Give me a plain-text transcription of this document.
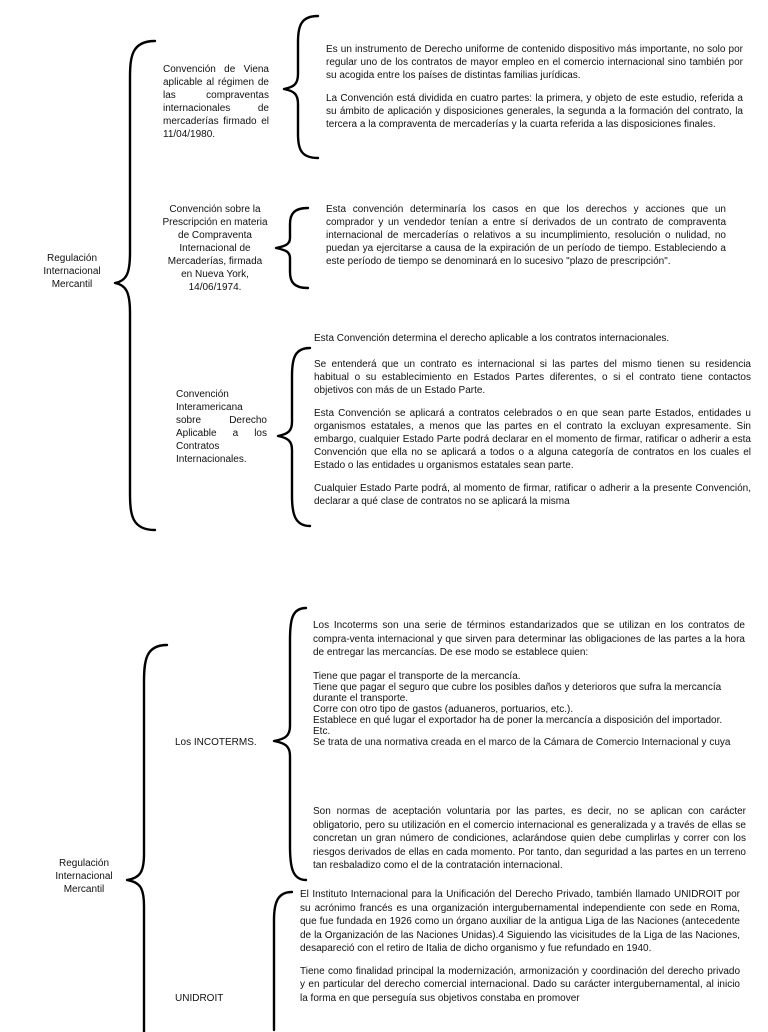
Regulación Internacional Mercantil
Convención de Viena aplicable al régimen de las compraventas internacionales de mercaderías firmado el 11/04/1980.

Es un instrumento de Derecho uniforme de contenido dispositivo más importante, no solo por regular uno de los contratos de mayor empleo en el comercio internacional sino también por su acogida entre los países de distintas familias jurídicas.

La Convención está dividida en cuatro partes: la primera, y objeto de este estudio, referida a su ámbito de aplicación y disposiciones generales, la segunda a la formación del contrato, la tercera a la compraventa de mercaderías y la cuarta referida a las disposiciones finales.

Convención sobre la Prescripción en materia de Compraventa Internacional de Mercaderías, firmada en Nueva York, 14/06/1974.

Esta convención determinaría los casos en que los derechos y acciones que un comprador y un vendedor tenían a entre sí derivados de un contrato de compraventa internacional de mercaderías o relativos a su incumplimiento, resolución o nulidad, no puedan ya ejercitarse a causa de la expiración de un período de tiempo. Estableciendo a este período de tiempo se denominará en lo sucesivo "plazo de prescripción".

Esta Convención determina el derecho aplicable a los contratos internacionales.
Convención Interamericana sobre Derecho Aplicable a los Contratos Internacionales.

Se entenderá que un contrato es internacional si las partes del mismo tienen su residencia habitual o su establecimiento en Estados Partes diferentes, o si el contrato tiene contactos objetivos con más de un Estado Parte.

Esta Convención se aplicará a contratos celebrados o en que sean parte Estados, entidades u organismos estatales, a menos que las partes en el contrato la excluyan expresamente. Sin embargo, cualquier Estado Parte podrá declarar en el momento de firmar, ratificar o adherir a esta Convención que ella no se aplicará a todos o a alguna categoría de contratos en los cuales el Estado o las entidades u organismos estatales sean parte.

Cualquier Estado Parte podrá, al momento de firmar, ratificar o adherir a la presente Convención, declarar a qué clase de contratos no se aplicará la misma

Regulación Internacional Mercantil
Los INCOTERMS.
Los Incoterms son una serie de términos estandarizados que se utilizan en los contratos de compra-venta internacional y que sirven para determinar las obligaciones de las partes a la hora de entregar las mercancías. De ese modo se establece quien:

Tiene que pagar el transporte de la mercancía.

Tiene que pagar el seguro que cubre los posibles daños y deterioros que sufra la mercancía durante el transporte.

Corre con otro tipo de gastos (aduaneros, portuarios, etc.).

Establece en qué lugar el exportador ha de poner la mercancía a disposición del importador.

Etc.

Se trata de una normativa creada en el marco de la Cámara de Comercio Internacional y cuya

Son normas de aceptación voluntaria por las partes, es decir, no se aplican con carácter obligatorio, pero su utilización en el comercio internacional es generalizada y a través de ellas se concretan un gran número de condiciones, aclarándose quien debe cumplirlas y correr con los riesgos derivados de ellas en cada momento. Por tanto, dan seguridad a las partes en un terreno tan resbaladizo como el de la contratación internacional.
UNIDROIT

El Instituto Internacional para la Unificación del Derecho Privado, también llamado UNIDROIT por su acrónimo francés es una organización intergubernamental independiente con sede en Roma, que fue fundada en 1926 como un órgano auxiliar de la antigua Liga de las Naciones (antecedente de la Organización de las Naciones Unidas).4 Siguiendo las vicisitudes de la Liga de las Naciones, desapareció con el retiro de Italia de dicho organismo y fue refundado en 1940.

Tiene como finalidad principal la modernización, armonización y coordinación del derecho privado y en particular del derecho comercial internacional. Dado su carácter intergubernamental, al inicio la forma en que perseguía sus objetivos constaba en promover
